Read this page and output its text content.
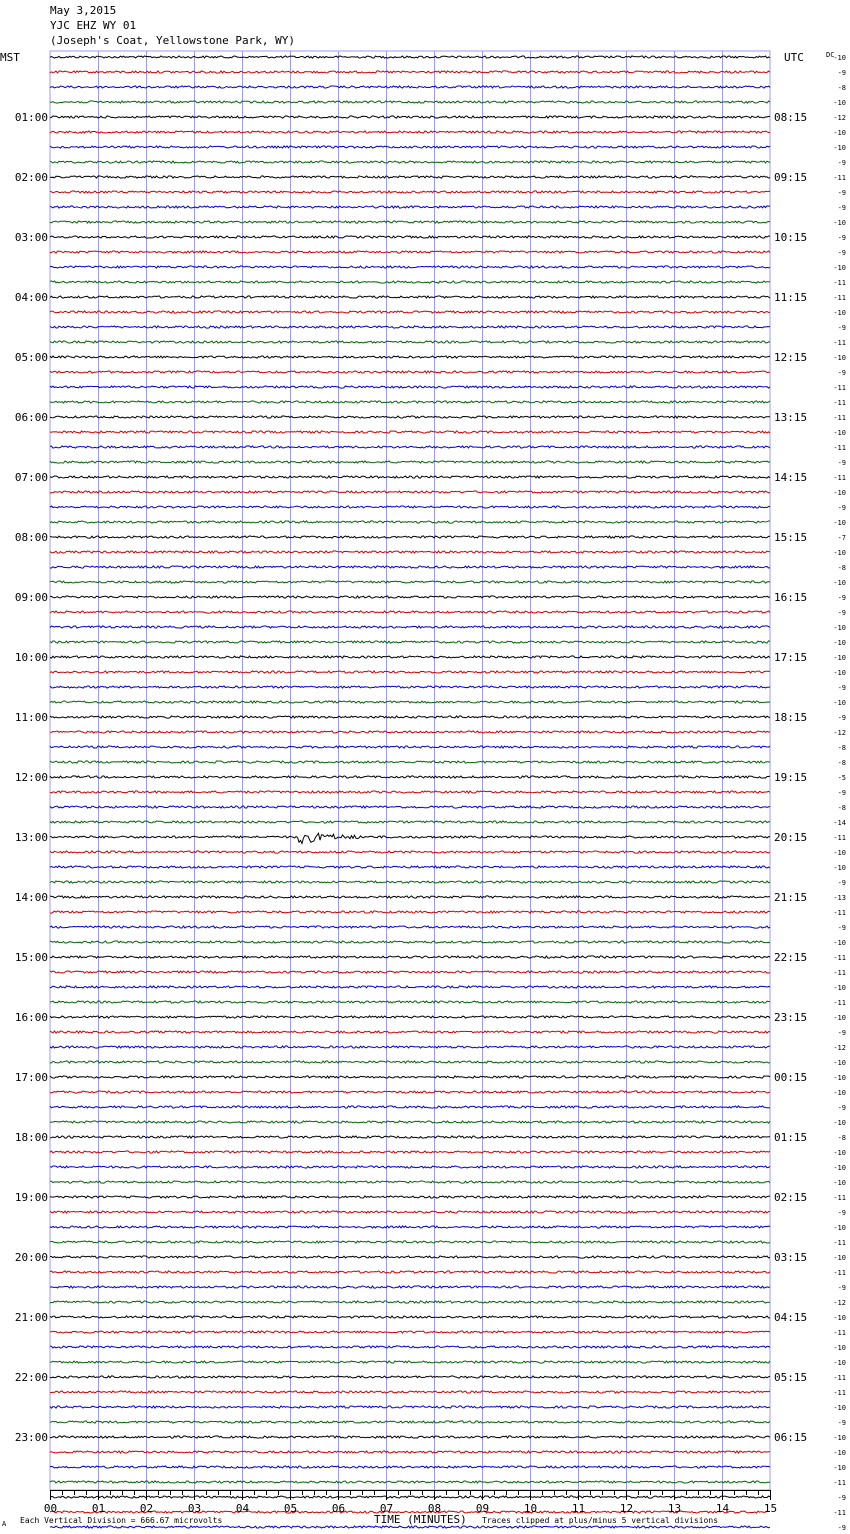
May 3,2015
YJC EHZ WY 01
(Joseph's Coat, Yellowstone Park, WY)
00	01	02	03	04	05	06	07	08	09	10	11	12	13	14	15
-10
-9
-8
-10
-12
-10
-10
-9
-11
-9
-9
-10
-9
-9
-10
-11
-11
-10
-9
-11
-10
-9
-11
-11
-11
-10
-11
-9
-11
-10
-9
-10
-7
-10
-8
-10
-9
-9
-10
-10
-10
-10
-9
-10
-9
-12
-8
-8
-5
-9
-8
-14
-11
-10
-10
-9
-13
-11
-9
-10
-11
-11
-10
-11
-10
-9
-12
-10
-10
-10
-9
-10
-8
-10
-10
-10
-11
-9
-10
-11
-10
-11
-9
-12
-10
-11
-10
-10
-11
-11
-10
-9
-10
-10
-10
-11
-9
-11
-9
01:00
02:00
03:00
04:00
05:00
06:00
07:00
08:00
09:00
10:00
11:00
12:00
13:00
14:00
15:00
16:00
17:00
18:00
19:00
20:00
21:00
22:00
23:00
08:15
09:15
10:15
11:15
12:15
13:15
14:15
15:15
16:15
17:15
18:15
19:15
20:15
21:15
22:15
23:15
00:15
01:15
02:15
03:15
04:15
05:15
06:15
MST	UTC	DC
A Each Vertical Division = 666.67 microvolts	TIME (MINUTES) Traces clipped at plus/minus 5 vertical divisions
